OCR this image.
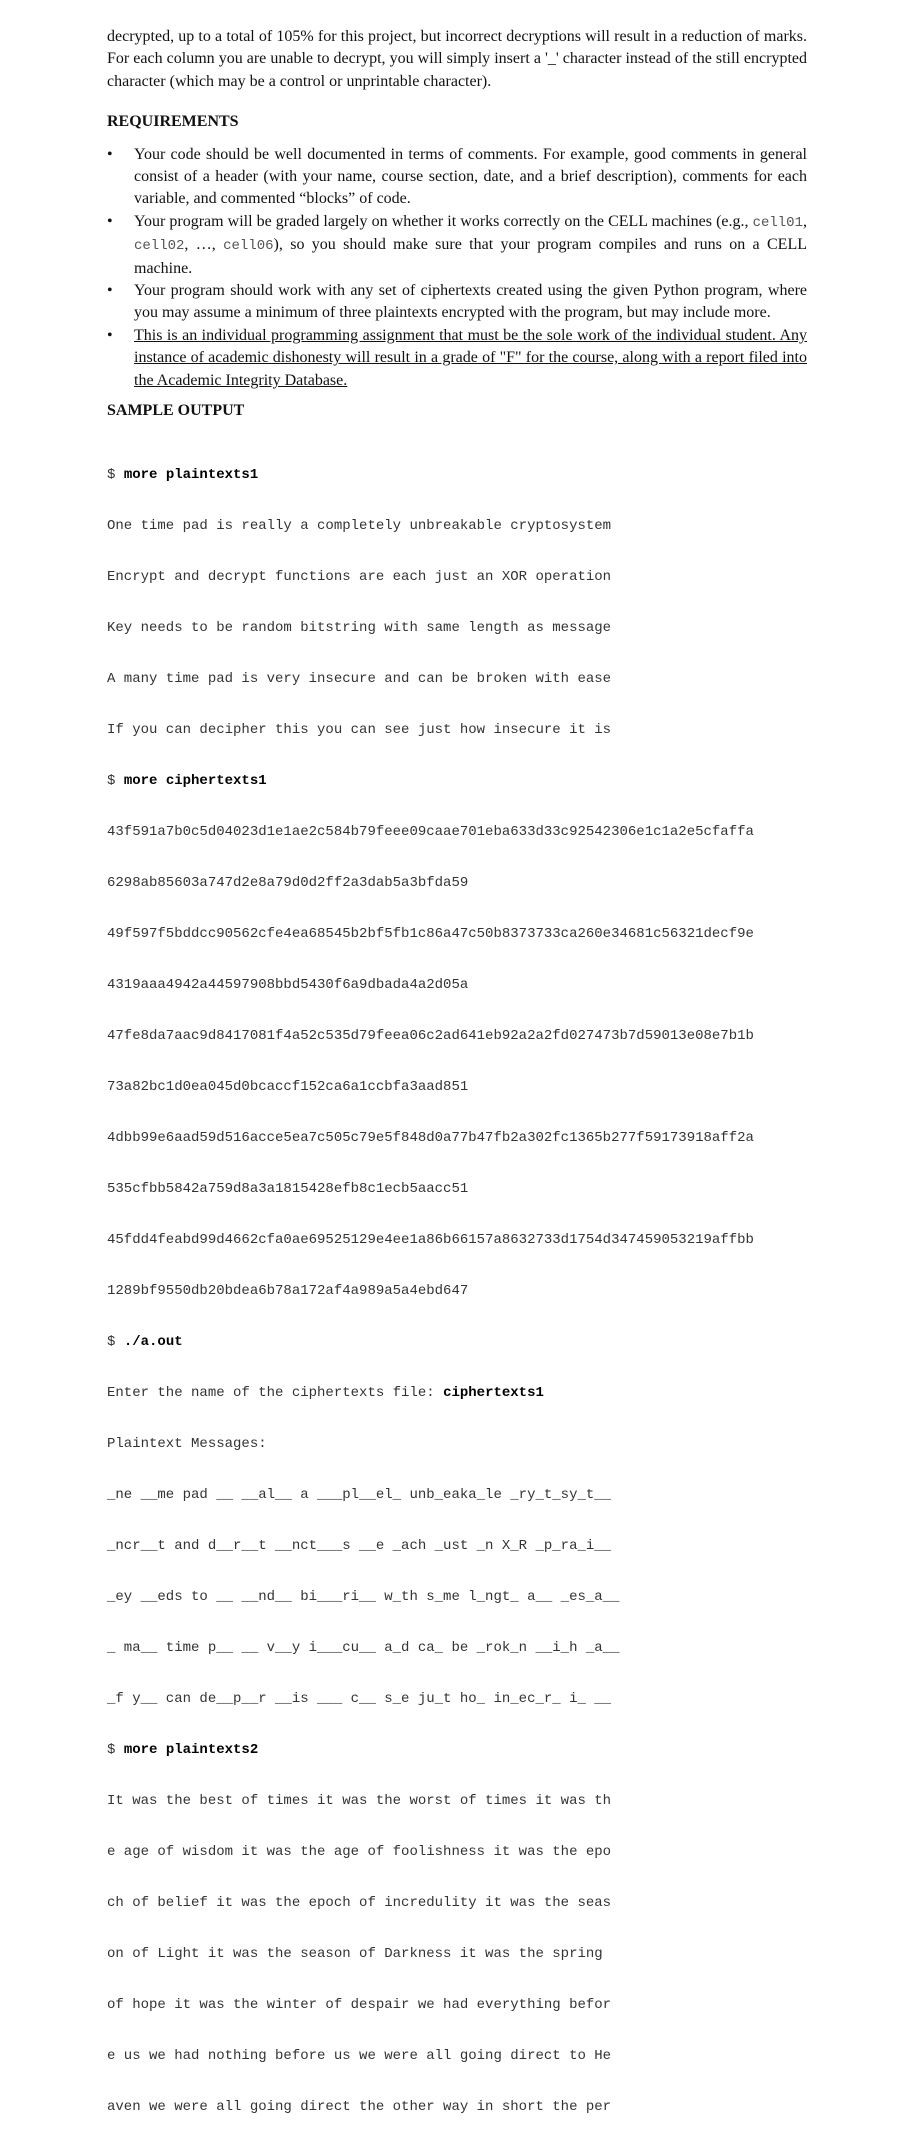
decrypted, up to a total of 105% for this project, but incorrect decryptions will result in a reduction of marks. For each column you are unable to decrypt, you will simply insert a '_' character instead of the still encrypted character (which may be a control or unprintable character).

REQUIREMENTS
• Your code should be well documented in terms of comments. For example, good comments in general consist of a header (with your name, course section, date, and a brief description), comments for each variable, and commented “blocks” of code.
• Your program will be graded largely on whether it works correctly on the CELL machines (e.g., cell01, cell02, …, cell06), so you should make sure that your program compiles and runs on a CELL machine.
• Your program should work with any set of ciphertexts created using the given Python program, where you may assume a minimum of three plaintexts encrypted with the program, but may include more.
• This is an individual programming assignment that must be the sole work of the individual student. Any instance of academic dishonesty will result in a grade of "F" for the course, along with a report filed into the Academic Integrity Database.
SAMPLE OUTPUT

$ more plaintexts1

One time pad is really a completely unbreakable cryptosystem

Encrypt and decrypt functions are each just an XOR operation

Key needs to be random bitstring with same length as message

A many time pad is very insecure and can be broken with ease

If you can decipher this you can see just how insecure it is

$ more ciphertexts1

43f591a7b0c5d04023d1e1ae2c584b79feee09caae701eba633d33c92542306e1c1a2e5cfaffa

6298ab85603a747d2e8a79d0d2ff2a3dab5a3bfda59

49f597f5bddcc90562cfe4ea68545b2bf5fb1c86a47c50b8373733ca260e34681c56321decf9e

4319aaa4942a44597908bbd5430f6a9dbada4a2d05a

47fe8da7aac9d8417081f4a52c535d79feea06c2ad641eb92a2a2fd027473b7d59013e08e7b1b

73a82bc1d0ea045d0bcaccf152ca6a1ccbfa3aad851

4dbb99e6aad59d516acce5ea7c505c79e5f848d0a77b47fb2a302fc1365b277f59173918aff2a

535cfbb5842a759d8a3a1815428efb8c1ecb5aacc51

45fdd4feabd99d4662cfa0ae69525129e4ee1a86b66157a8632733d1754d347459053219affbb

1289bf9550db20bdea6b78a172af4a989a5a4ebd647

$ ./a.out

Enter the name of the ciphertexts file: ciphertexts1

Plaintext Messages:

_ne __me pad __ __al__ a ___pl__el_ unb_eaka_le _ry_t_sy_t__

_ncr__t and d__r__t __nct___s __e _ach _ust _n X_R _p_ra_i__

_ey __eds to __ __nd__ bi___ri__ w_th s_me l_ngt_ a__ _es_a__

_ ma__ time p__ __ v__y i___cu__ a_d ca_ be _rok_n __i_h _a__

_f y__ can de__p__r __is ___ c__ s_e ju_t ho_ in_ec_r_ i_ __

$ more plaintexts2

It was the best of times it was the worst of times it was th

e age of wisdom it was the age of foolishness it was the epo

ch of belief it was the epoch of incredulity it was the seas

on of Light it was the season of Darkness it was the spring

of hope it was the winter of despair we had everything befor

e us we had nothing before us we were all going direct to He

aven we were all going direct the other way in short the per
